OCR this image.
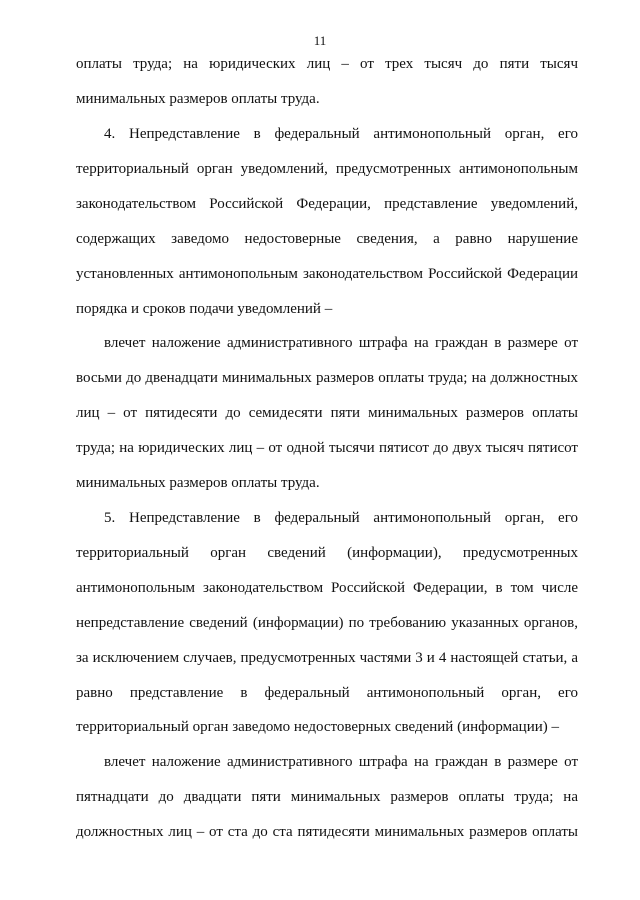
11
оплаты труда; на юридических лиц – от трех тысяч до пяти тысяч
минимальных размеров оплаты труда.
4. Непредставление в федеральный антимонопольный орган, его
территориальный орган уведомлений, предусмотренных антимонопольным
законодательством Российской Федерации, представление уведомлений,
содержащих заведомо недостоверные сведения, а равно нарушение
установленных антимонопольным законодательством Российской Федерации
порядка и сроков подачи уведомлений –
влечет наложение административного штрафа на граждан в размере от
восьми до двенадцати минимальных размеров оплаты труда; на должностных
лиц – от пятидесяти до семидесяти пяти минимальных размеров оплаты
труда; на юридических лиц – от одной тысячи пятисот до двух тысяч пятисот
минимальных размеров оплаты труда.
5. Непредставление в федеральный антимонопольный орган, его
территориальный орган сведений (информации), предусмотренных
антимонопольным законодательством Российской Федерации, в том числе
непредставление сведений (информации) по требованию указанных органов,
за исключением случаев, предусмотренных частями 3 и 4 настоящей статьи, а
равно представление в федеральный антимонопольный орган, его
территориальный орган заведомо недостоверных сведений (информации) –
влечет наложение административного штрафа на граждан в размере от
пятнадцати до двадцати пяти минимальных размеров оплаты труда; на
должностных лиц – от ста до ста пятидесяти минимальных размеров оплаты
